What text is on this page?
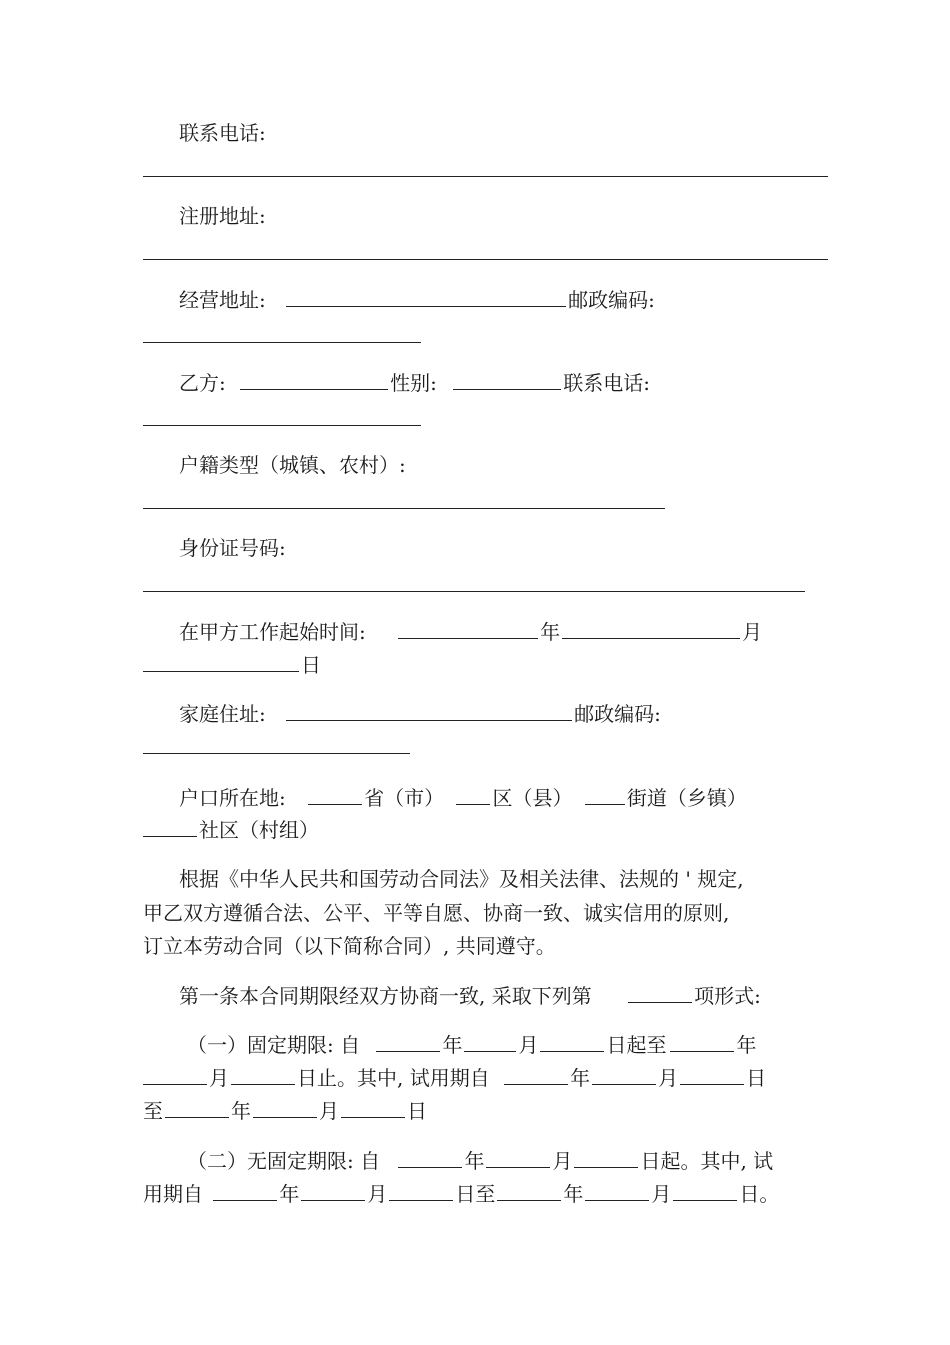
联系电话:
注册地址:
经营地址:	邮政编码:
乙方:	性别:	联系电话:
户籍类型（城镇、农村）:
身份证号码:
在甲方工作起始时间:	年	月
日
家庭住址:	邮政编码:
户口所在地:	省（市） 区（县）	街道（乡镇）
社区（村组）
根据《中华人民共和国劳动合同法》及相关法律、法规的 ' 规定,
甲乙双方遵循合法、公平、平等自愿、协商一致、诚实信用的原则,
订立本劳动合同（以下简称合同）, 共同遵守。
第一条本合同期限经双方协商一致, 采取下列第	项形式:
（一）固定期限: 自	年	月	日起至	年
月	日止。其中, 试用期自	年	月	日
至	年	月	日
（二）无固定期限: 自	年	月	日起。其中, 试
用期自	年	月	日至	年	月	日。
